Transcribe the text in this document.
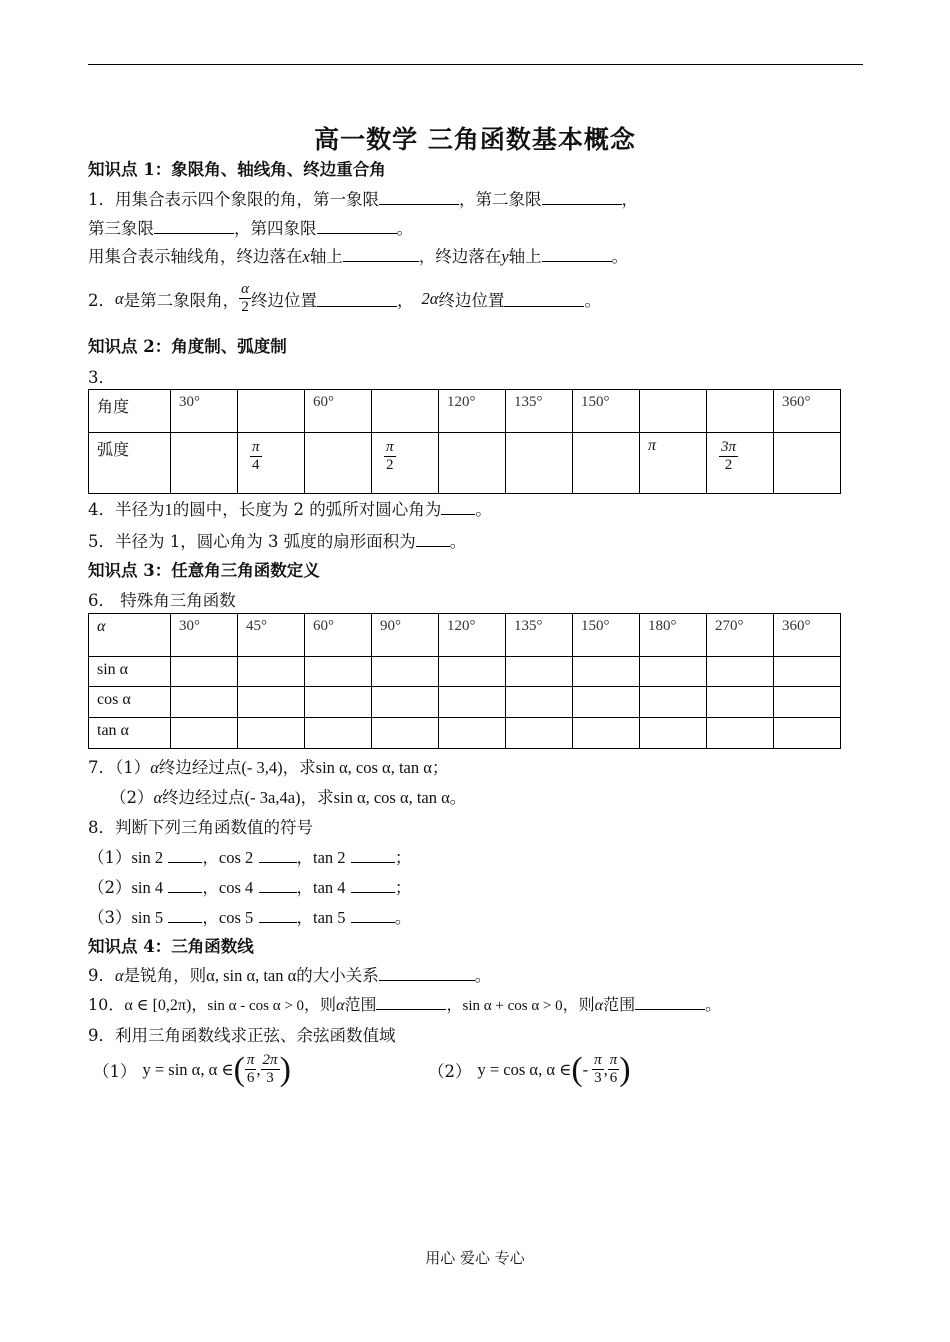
高一数学 三角函数基本概念
知识点 1：象限角、轴线角、终边重合角
1．用集合表示四个象限的角，第一象限	，第二象限	，
第三象限	，第四象限	。
用集合表示轴线角，终边落在x轴上	，终边落在y轴上	。
2． α 是第二象限角， $\frac{\alpha}{2}$ 终边位置	， 2α 终边位置	。
知识点 2：角度制、弧度制
3．
角度	30°		60°		120°	135°	150°			360°

弧度		$\frac{\pi}{4}$		$\frac{\pi}{2}$				π	$\frac{3\pi}{2}$

4．半径为1的圆中，长度为 2 的弧所对圆心角为 。
5．半径为 1，圆心角为 3 弧度的扇形面积为 。
知识点 3：任意角三角函数定义
6． 特殊角三角函数
α	30°	45°	60°	90°	120°	135°	150°	180°	270°	360°

sin α										

cos α										

tan α										

7．（1）α终边经过点(- 3,4)，求sin α, cos α, tan α；
（2）α终边经过点(- 3a,4a)，求sin α, cos α, tan α。
8．判断下列三角函数值的符号
（1）sin 2 ，cos 2	，tan 2	；
（2）sin 4 ，cos 4	，tan 4	；
（3）sin 5 ，cos 5	，tan 5	。
知识点 4：三角函数线
9．α是锐角，则α, sin α, tan α的大小关系	。
10．α ∈ [0,2π)，sin α - cos α > 0，则α范围	，sin α + cos α > 0，则α范围	。
9．利用三角函数线求正弦、余弦函数值域
（1） y = sin α, α ∈ ( $\frac{\pi}{6}$ , $\frac{2\pi}{3}$ )	（2） y = cos α, α ∈ ( - $\frac{\pi}{3}$ , $\frac{\pi}{6}$ )
用心 爱心 专心
